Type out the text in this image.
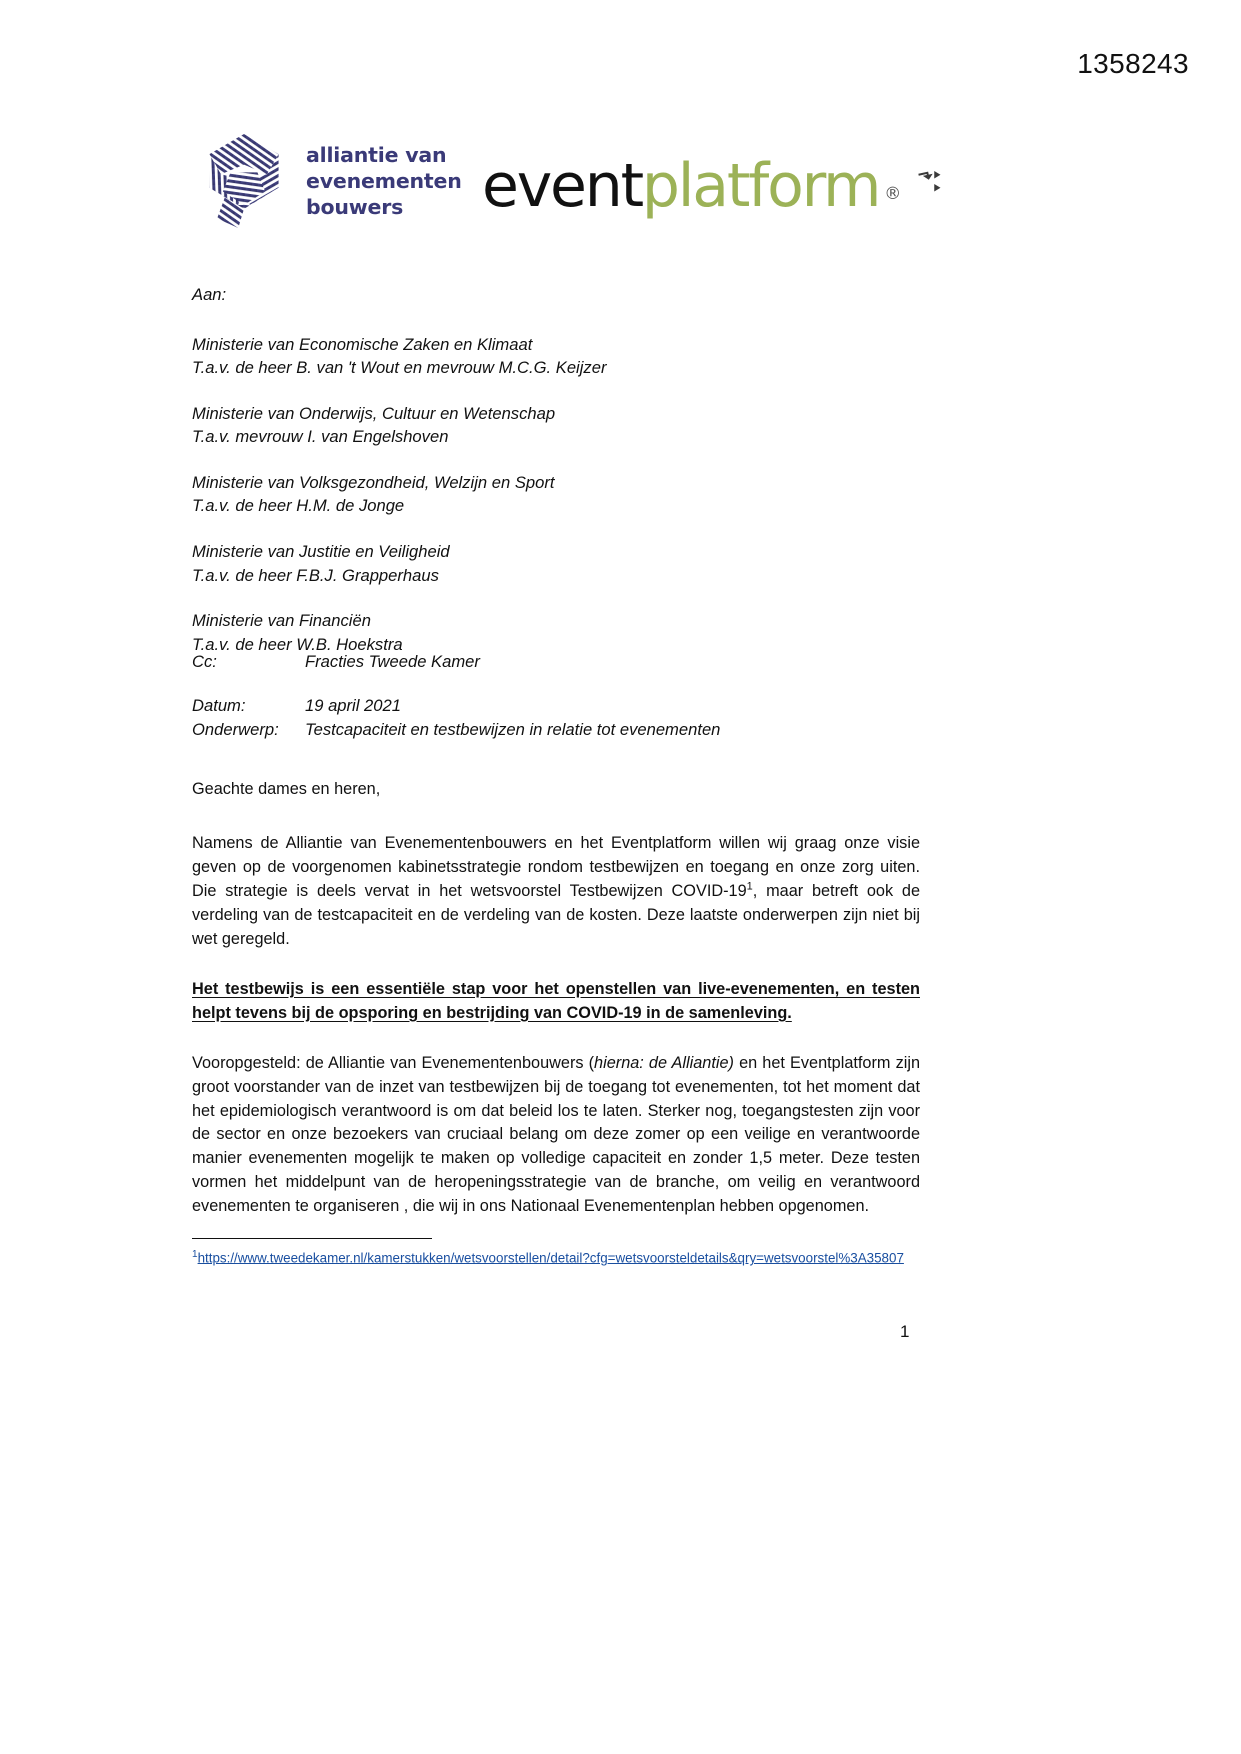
1358243
alliantie van
evenementen
bouwers	event platform ®
Aan:
Ministerie van Economische Zaken en Klimaat
T.a.v. de heer B. van 't Wout en mevrouw M.C.G. Keijzer
Ministerie van Onderwijs, Cultuur en Wetenschap
T.a.v. mevrouw I. van Engelshoven
Ministerie van Volksgezondheid, Welzijn en Sport
T.a.v. de heer H.M. de Jonge
Ministerie van Justitie en Veiligheid
T.a.v. de heer F.B.J. Grapperhaus
Ministerie van Financiën
T.a.v. de heer W.B. Hoekstra
Cc:	Fracties Tweede Kamer
Datum:	19 april 2021
Onderwerp:	Testcapaciteit en testbewijzen in relatie tot evenementen
Geachte dames en heren,

Namens de Alliantie van Evenementenbouwers en het Eventplatform willen wij graag onze visie geven op de voorgenomen kabinetsstrategie rondom testbewijzen en toegang en onze zorg uiten. Die strategie is deels vervat in het wetsvoorstel Testbewijzen COVID-19$^1$, maar betreft ook de verdeling van de testcapaciteit en de verdeling van de kosten. Deze laatste onderwerpen zijn niet bij wet geregeld.

Het testbewijs is een essentiële stap voor het openstellen van live-evenementen, en testen helpt tevens bij de opsporing en bestrijding van COVID-19 in de samenleving.

Vooropgesteld: de Alliantie van Evenementenbouwers (hierna: de Alliantie) en het Eventplatform zijn groot voorstander van de inzet van testbewijzen bij de toegang tot evenementen, tot het moment dat het epidemiologisch verantwoord is om dat beleid los te laten. Sterker nog, toegangstesten zijn voor de sector en onze bezoekers van cruciaal belang om deze zomer op een veilige en verantwoorde manier evenementen mogelijk te maken op volledige capaciteit en zonder 1,5 meter. Deze testen vormen het middelpunt van de heropeningsstrategie van de branche, om veilig en verantwoord evenementen te organiseren , die wij in ons Nationaal Evenementenplan hebben opgenomen.

$^1$https://www.tweedekamer.nl/kamerstukken/wetsvoorstellen/detail?cfg=wetsvoorsteldetails&qry=wetsvoorstel%3A35807
1
